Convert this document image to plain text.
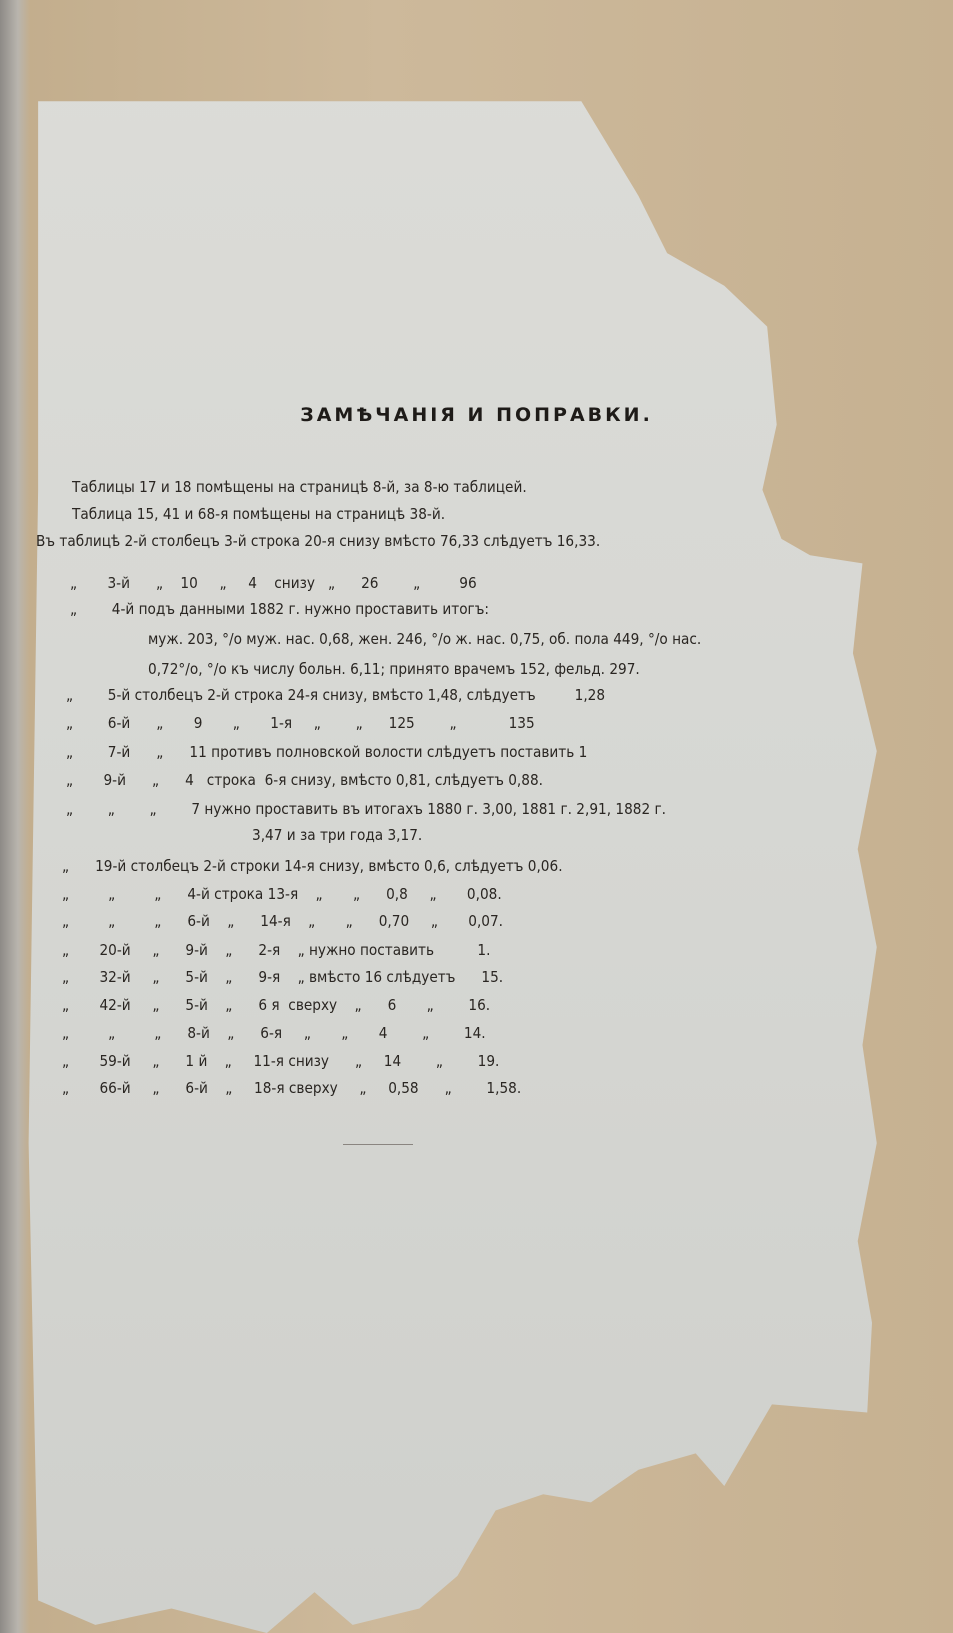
ЗАМѢЧАНІЯ И ПОПРАВКИ.
Таблицы 17 и 18 помѣщены на страницѣ 8-й, за 8-ю таблицей.
Таблица 15, 41 и 68-я помѣщены на страницѣ 38-й.
Въ таблицѣ 2-й столбецъ 3-й строка 20-я снизу вмѣсто 76,33 слѣдуетъ 16,33.
„       3-й      „    10     „     4    снизу   „      26        „         96
„        4-й подъ данными 1882 г. нужно проставить итогъ:
муж. 203, °/o муж. нас. 0,68, жен. 246, °/o ж. нас. 0,75, об. пола 449, °/o нас.
0,72°/o, °/o къ числу больн. 6,11; принято врачемъ 152, фельд. 297.
„        5-й столбецъ 2-й строка 24-я снизу, вмѣсто 1,48, слѣдуетъ         1,28
„        6-й      „       9       „       1-я     „        „      125        „            135
„        7-й      „      11 противъ полновской волости слѣдуетъ поставить 1
„       9-й      „      4   строка  6-я снизу, вмѣсто 0,81, слѣдуетъ 0,88.
„        „        „        7 нужно проставить въ итогахъ 1880 г. 3,00, 1881 г. 2,91, 1882 г.
3,47 и за три года 3,17.
„      19-й столбецъ 2-й строки 14-я снизу, вмѣсто 0,6, слѣдуетъ 0,06.
„         „         „      4-й строка 13-я    „       „      0,8     „       0,08.
„         „         „      6-й    „      14-я    „       „      0,70     „       0,07.
„       20-й     „      9-й    „      2-я    „ нужно поставить          1.
„       32-й     „      5-й    „      9-я    „ вмѣсто 16 слѣдуетъ      15.
„       42-й     „      5-й    „      6 я  сверху    „      6       „        16.
„         „         „      8-й    „      6-я     „       „       4        „        14.
„       59-й     „      1 й    „     11-я снизу      „     14        „        19.
„       66-й     „      6-й    „     18-я сверху     „     0,58      „        1,58.
